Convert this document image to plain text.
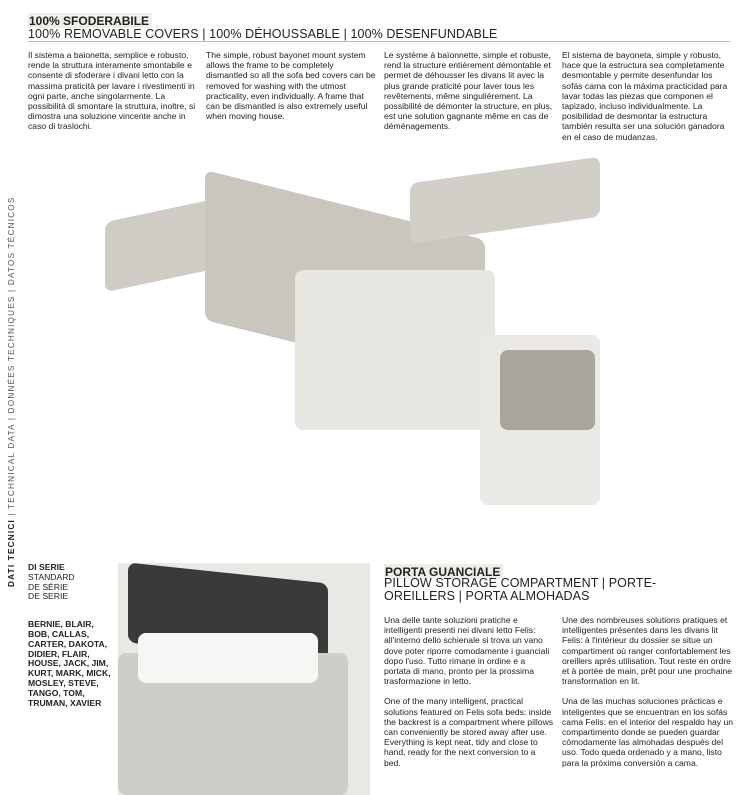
100% SFODERABILE
100% REMOVABLE COVERS | 100% DÉHOUSSABLE | 100% DESENFUNDABLE
Il sistema a baionetta, semplice e robusto, rende la struttura interamente smontabile e consente di sfoderare i divani letto con la massima praticità per lavare i rivestimenti in ogni parte, anche singolarmente. La possibilità di smontare la struttura, inoltre, si dimostra una soluzione vincente anche in caso di traslochi.
The simple, robust bayonet mount system allows the frame to be completely dismantled so all the sofa bed covers can be removed for washing with the utmost practicality, even individually. A frame that can be dismantled is also extremely useful when moving house.
Le système à baïonnette, simple et robuste, rend la structure entièrement démontable et permet de déhousser les divans lit avec la plus grande praticité pour laver tous les revêtements, même singulièrement. La possibilité de démonter la structure, en plus, est une solution gagnante même en cas de déménagements.
El sistema de bayoneta, simple y robusto, hace que la estructura sea completamente desmontable y permite desenfundar los sofás cama con la máxima practicidad para lavar todas las piezas que componen el tapizado, incluso individualmente. La posibilidad de desmontar la estructura también resulta ser una solución ganadora en el caso de mudanzas.
DATI TECNICI | TECHNICAL DATA | DONNÉES TECHNIQUES | DATOS TÉCNICOS
DI SERIE
STANDARD
DE SÉRIE
DE SERIE
BERNIE, BLAIR, BOB, CALLAS, CARTER, DAKOTA, DIDIER, FLAIR, HOUSE, JACK, JIM, KURT, MARK, MICK, MOSLEY, STEVE, TANGO, TOM, TRUMAN, XAVIER
PORTA GUANCIALE
PILLOW STORAGE COMPARTMENT | PORTE-OREILLERS | PORTA ALMOHADAS
Una delle tante soluzioni pratiche e intelligenti presenti nei divani letto Felis: all'interno dello schienale si trova un vano dove poter riporre comodamente i guanciali dopo l'uso. Tutto rimane in ordine e a portata di mano, pronto per la prossima trasformazione in letto.
One of the many intelligent, practical solutions featured on Felis sofa beds: inside the backrest is a compartment where pillows can conveniently be stored away after use. Everything is kept neat, tidy and close to hand, ready for the next conversion to a bed.
Une des nombreuses solutions pratiques et intelligentes présentes dans les divans lit Felis: à l'intérieur du dossier se situe un compartiment où ranger confortablement les oreillers après utilisation. Tout reste en ordre et à portée de main, prêt pour une prochaine transformation en lit.
Una de las muchas soluciones prácticas e inteligentes que se encuentran en los sofás cama Felis: en el interior del respaldo hay un compartimento donde se pueden guardar cómodamente las almohadas después del uso. Todo queda ordenado y a mano, listo para la próxima conversión a cama.
